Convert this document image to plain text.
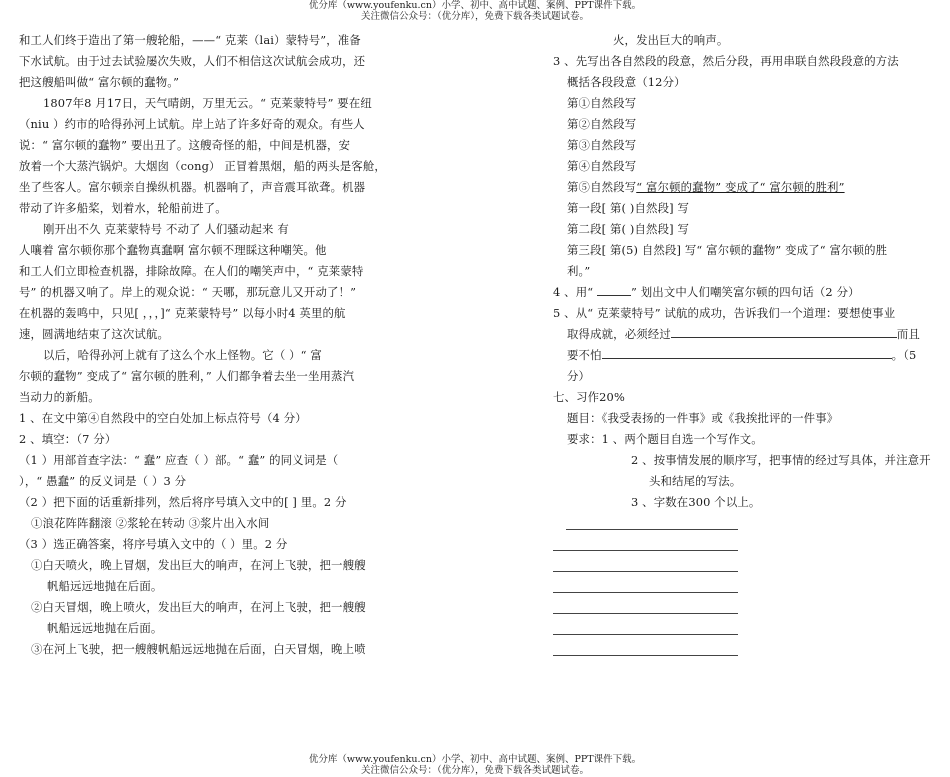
优分库（www.youfenku.cn）小学、初中、高中试题、案例、PPT课件下载。
关注微信公众号：（优分库），免费下载各类试题试卷。
和工人们终于造出了第一艘轮船，——“ 克莱（lai）蒙特号”，准备
下水试航。由于过去试验屡次失败，人们不相信这次试航会成功，还
把这艘船叫做“ 富尔顿的蠢物。”
1807年8 月17日，天气晴朗，万里无云。“ 克莱蒙特号” 要在纽
（niu ）约市的哈得孙河上试航。岸上站了许多好奇的观众。有些人
说：“ 富尔顿的蠢物” 要出丑了。这艘奇怪的船，中间是机器，安
放着一个大蒸汽锅炉。大烟囱（cong） 正冒着黑烟，船的两头是客舱，
坐了些客人。富尔顿亲自操纵机器。机器响了，声音震耳欲聋。机器
带动了许多船桨，划着水，轮船前进了。
刚开出不久 克莱蒙特号 不动了 人们骚动起来 有
人嚷着 富尔顿你那个蠢物真蠢啊 富尔顿不理睬这种嘲笑。他
和工人们立即检查机器，排除故障。在人们的嘲笑声中，“ 克莱蒙特
号” 的机器又响了。岸上的观众说：“ 天哪，那玩意儿又开动了！”
在机器的轰鸣中，只见[ ，，，]“ 克莱蒙特号” 以每小时4 英里的航
速，圆满地结束了这次试航。
以后，哈得孙河上就有了这么个水上怪物。它（ ）“ 富
尔顿的蠢物” 变成了“ 富尔顿的胜利，” 人们都争着去坐一坐用蒸汽
当动力的新船。
1 、在文中第④自然段中的空白处加上标点符号（4 分）
2 、填空：（7 分）
（1 ）用部首查字法：“ 蠢” 应查（ ）部。“ 蠢” 的同义词是（
），“ 愚蠢” 的反义词是（ ）3 分
（2 ）把下面的话重新排列，然后将序号填入文中的[ ] 里。2 分
①浪花阵阵翻滚 ②浆轮在转动 ③浆片出入水间
（3 ）选正确答案，将序号填入文中的（ ）里。2 分
①白天喷火，晚上冒烟，发出巨大的响声，在河上飞驶，把一艘艘
帆船远远地抛在后面。
②白天冒烟，晚上喷火，发出巨大的响声，在河上飞驶，把一艘艘
帆船远远地抛在后面。
③在河上飞驶，把一艘艘帆船远远地抛在后面，白天冒烟，晚上喷
火，发出巨大的响声。
3 、先写出各自然段的段意，然后分段，再用串联自然段段意的方法
概括各段段意（12分）
第①自然段写
第②自然段写
第③自然段写
第④自然段写
第⑤自然段写“ 富尔顿的蠢物” 变成了“ 富尔顿的胜利”
第一段[ 第( )自然段] 写
第二段[ 第( )自然段] 写
第三段[ 第(5) 自然段] 写“ 富尔顿的蠢物” 变成了“ 富尔顿的胜
利。”
4 、用“	” 划出文中人们嘲笑富尔顿的四句话（2 分）
5 、从“ 克莱蒙特号” 试航的成功，告诉我们一个道理：要想使事业
取得成就，必须经过	而且
要不怕	。（5
分）
七、习作20%
题目：《我受表扬的一件事》或《我挨批评的一件事》
要求：1 、两个题目自选一个写作文。
2 、按事情发展的顺序写，把事情的经过写具体，并注意开
头和结尾的写法。
3 、字数在300 个以上。
优分库（www.youfenku.cn）小学、初中、高中试题、案例、PPT课件下载。
关注微信公众号：（优分库），免费下载各类试题试卷。
